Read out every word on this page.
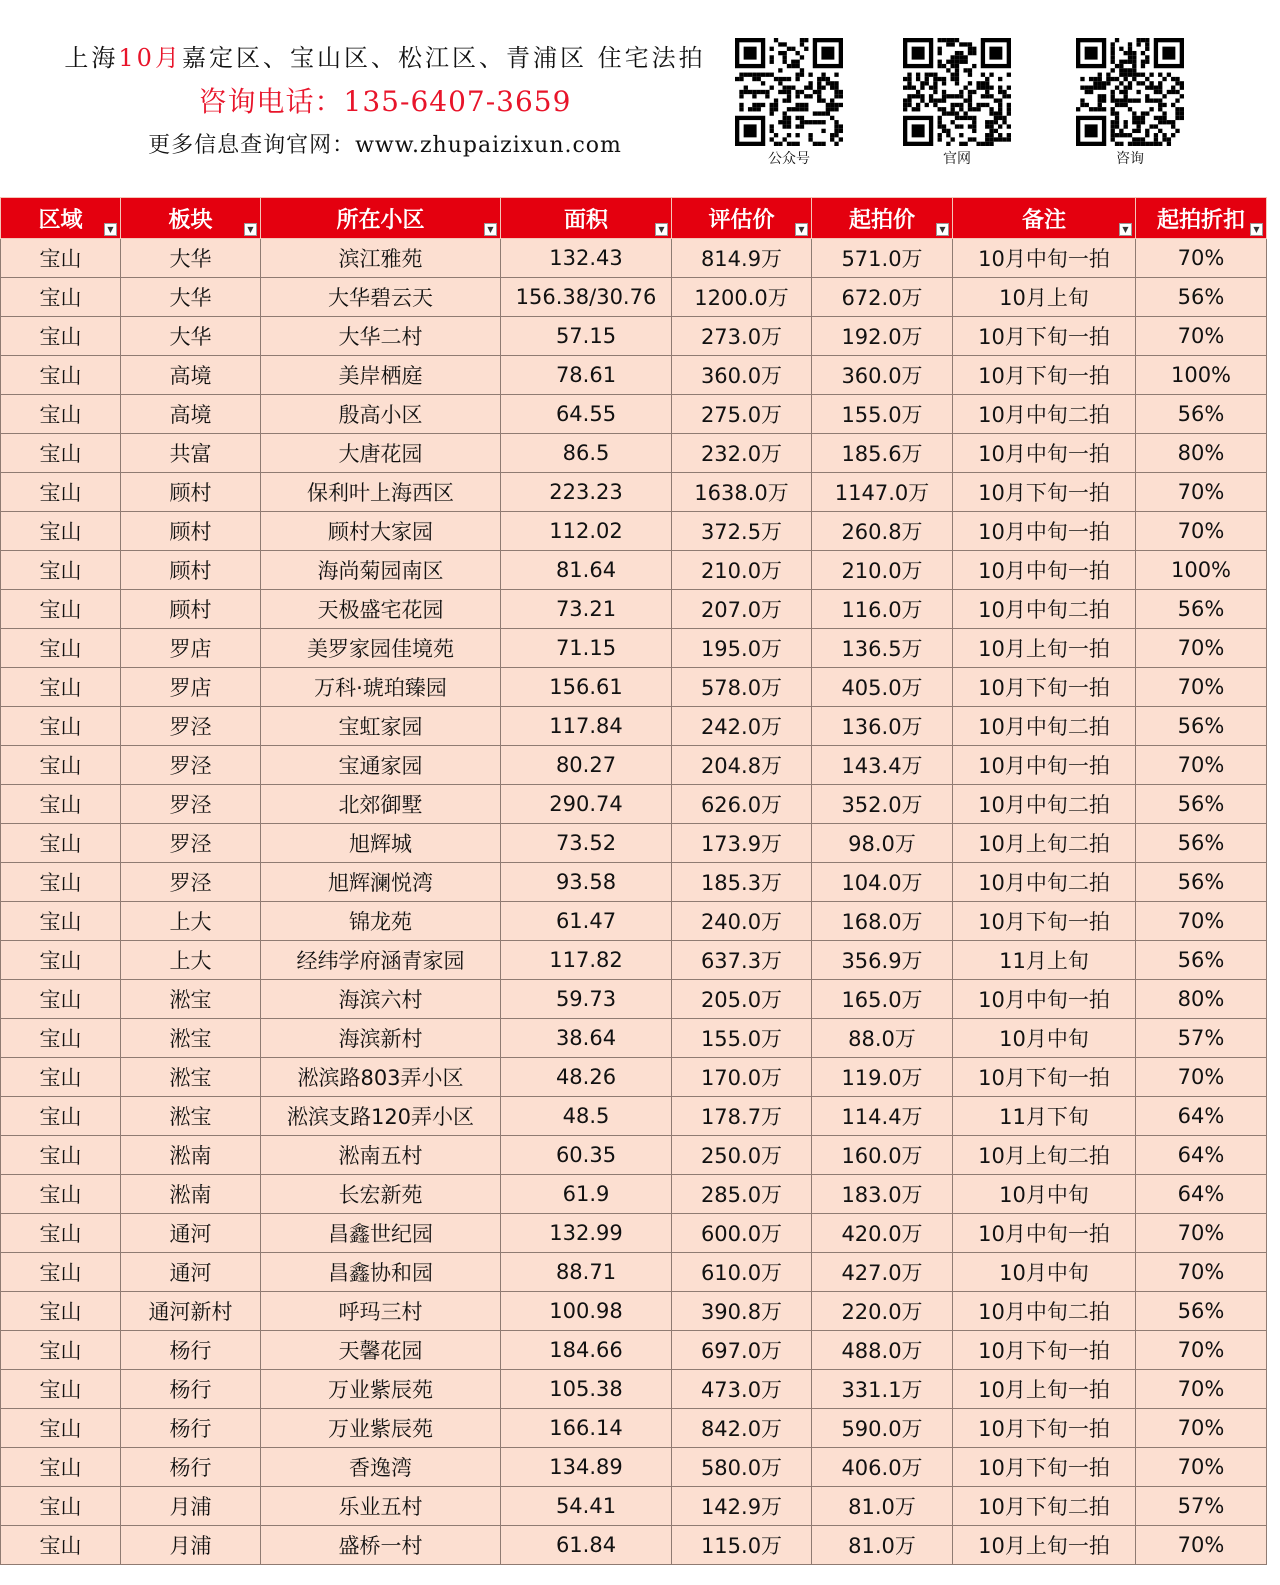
上海10月嘉定区、宝山区、松江区、青浦区 住宅法拍
咨询电话：135-6407-3659
更多信息查询官网：www.zhupaizixun.com
公众号	官网	咨询
区域 ▼	板块 ▼	所在小区 ▼	面积 ▼	评估价 ▼	起拍价 ▼	备注 ▼	起拍折扣 ▼

宝山	大华	滨江雅苑	132.43	814.9万	571.0万	10月中旬一拍	70%
宝山	大华	大华碧云天	156.38/30.76	1200.0万	672.0万	10月上旬	56%
宝山	大华	大华二村	57.15	273.0万	192.0万	10月下旬一拍	70%
宝山	高境	美岸栖庭	78.61	360.0万	360.0万	10月下旬一拍	100%
宝山	高境	殷高小区	64.55	275.0万	155.0万	10月中旬二拍	56%
宝山	共富	大唐花园	86.5	232.0万	185.6万	10月中旬一拍	80%
宝山	顾村	保利叶上海西区	223.23	1638.0万	1147.0万	10月下旬一拍	70%
宝山	顾村	顾村大家园	112.02	372.5万	260.8万	10月中旬一拍	70%
宝山	顾村	海尚菊园南区	81.64	210.0万	210.0万	10月中旬一拍	100%
宝山	顾村	天极盛宅花园	73.21	207.0万	116.0万	10月中旬二拍	56%
宝山	罗店	美罗家园佳境苑	71.15	195.0万	136.5万	10月上旬一拍	70%
宝山	罗店	万科·琥珀臻园	156.61	578.0万	405.0万	10月下旬一拍	70%
宝山	罗泾	宝虹家园	117.84	242.0万	136.0万	10月中旬二拍	56%
宝山	罗泾	宝通家园	80.27	204.8万	143.4万	10月中旬一拍	70%
宝山	罗泾	北郊御墅	290.74	626.0万	352.0万	10月中旬二拍	56%
宝山	罗泾	旭辉城	73.52	173.9万	98.0万	10月上旬二拍	56%
宝山	罗泾	旭辉澜悦湾	93.58	185.3万	104.0万	10月中旬二拍	56%
宝山	上大	锦龙苑	61.47	240.0万	168.0万	10月下旬一拍	70%
宝山	上大	经纬学府涵青家园	117.82	637.3万	356.9万	11月上旬	56%
宝山	淞宝	海滨六村	59.73	205.0万	165.0万	10月中旬一拍	80%
宝山	淞宝	海滨新村	38.64	155.0万	88.0万	10月中旬	57%
宝山	淞宝	淞滨路803弄小区	48.26	170.0万	119.0万	10月下旬一拍	70%
宝山	淞宝	淞滨支路120弄小区	48.5	178.7万	114.4万	11月下旬	64%
宝山	淞南	淞南五村	60.35	250.0万	160.0万	10月上旬二拍	64%
宝山	淞南	长宏新苑	61.9	285.0万	183.0万	10月中旬	64%
宝山	通河	昌鑫世纪园	132.99	600.0万	420.0万	10月中旬一拍	70%
宝山	通河	昌鑫协和园	88.71	610.0万	427.0万	10月中旬	70%
宝山	通河新村	呼玛三村	100.98	390.8万	220.0万	10月中旬二拍	56%
宝山	杨行	天馨花园	184.66	697.0万	488.0万	10月下旬一拍	70%
宝山	杨行	万业紫辰苑	105.38	473.0万	331.1万	10月上旬一拍	70%
宝山	杨行	万业紫辰苑	166.14	842.0万	590.0万	10月下旬一拍	70%
宝山	杨行	香逸湾	134.89	580.0万	406.0万	10月下旬一拍	70%
宝山	月浦	乐业五村	54.41	142.9万	81.0万	10月下旬二拍	57%
宝山	月浦	盛桥一村	61.84	115.0万	81.0万	10月上旬一拍	70%
